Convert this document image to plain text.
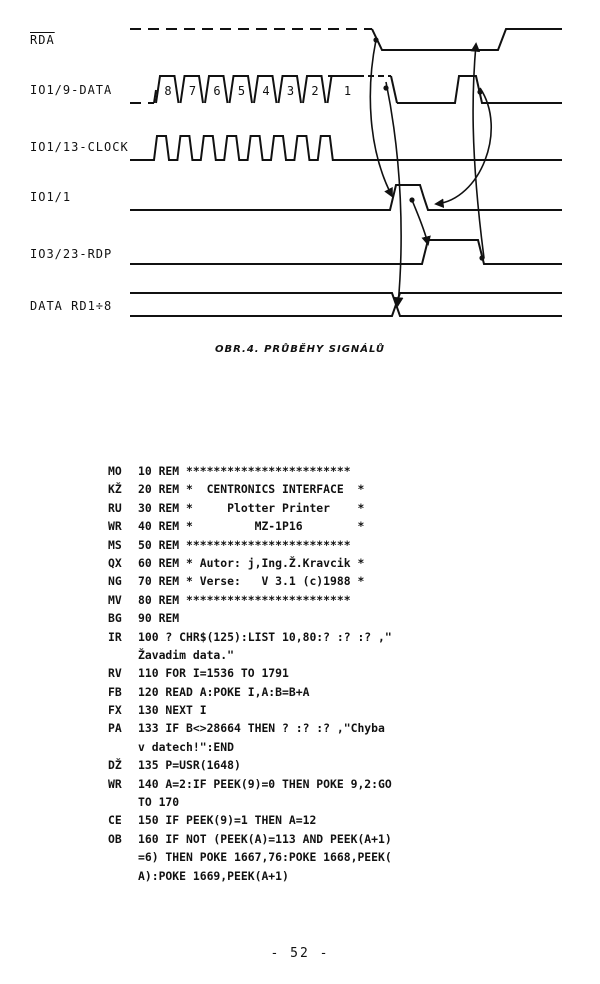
$\overline{RDA}$
IO1/9-DATA
IO1/13-CLOCK
IO1/1
IO3/23-RDP
DATA RD1÷8
8 7 6 5 4 3 2 1
OBR.4. PRŮBĚHY SIGNÁLŮ
MO 10 REM ************************
KŽ 20 REM *  CENTRONICS INTERFACE  *
RU 30 REM *     Plotter Printer    *
WR 40 REM *         MZ-1P16        *
MS 50 REM ************************
QX 60 REM * Autor: j,Ing.Ž.Kravcik *
NG 70 REM * Verse:   V 3.1 (c)1988 *
MV 80 REM ************************
BG 90 REM
IR 100 ? CHR$(125):LIST 10,80:? :? :? ,"
Žavadim data."
RV 110 FOR I=1536 TO 1791
FB 120 READ A:POKE I,A:B=B+A
FX 130 NEXT I
PA 133 IF B<>28664 THEN ? :? :? ,"Chyba
v datech!":END
DŽ 135 P=USR(1648)
WR 140 A=2:IF PEEK(9)=0 THEN POKE 9,2:GO
TO 170
CE 150 IF PEEK(9)=1 THEN A=12
OB 160 IF NOT (PEEK(A)=113 AND PEEK(A+1)
=6) THEN POKE 1667,76:POKE 1668,PEEK(
A):POKE 1669,PEEK(A+1)
- 52 -
